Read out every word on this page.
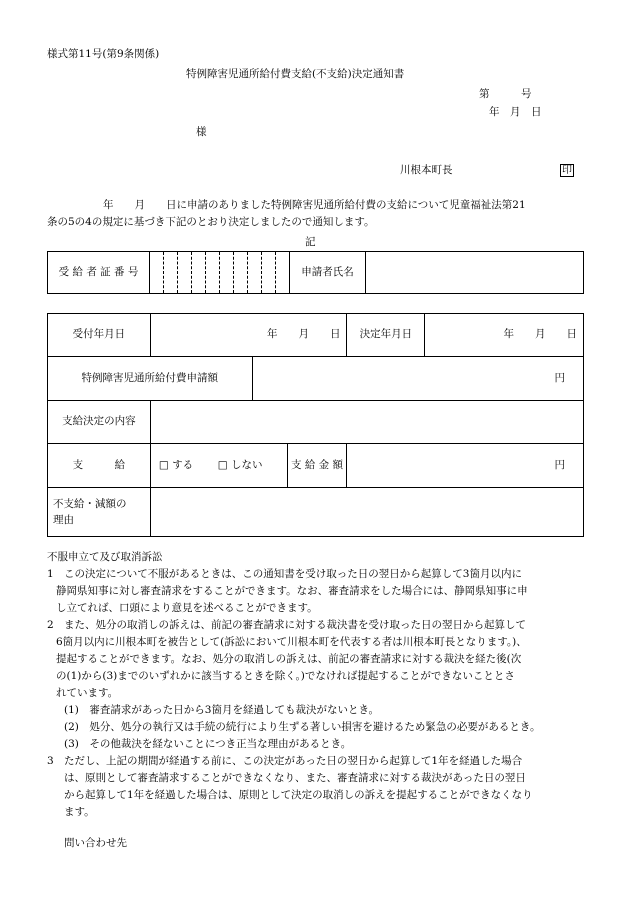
様式第11号(第9条関係)
特例障害児通所給付費支給(不支給)決定通知書
第　　　号
年　月　日
様
川根本町長	印
年　　月　　日に申請のありました特例障害児通所給付費の支給について児童福祉法第21
条の5の4の規定に基づき下記のとおり決定しましたので通知します。
記
受 給 者 証 番 号											申請者氏名	
受付年月日	年　　月　　日			決定年月日	年　　月　　日
特例障害児通所給付費申請額		円			
支給決定の内容					
支　　　給	□ する □ しない		支 給 金 額	円	

不支給・減額の
理由					

不服申立て及び取消訴訟
1 この決定について不服があるときは、この通知書を受け取った日の翌日から起算して3箇月以内に
静岡県知事に対し審査請求をすることができます。なお、審査請求をした場合には、静岡県知事に申
し立てれば、口頭により意見を述べることができます。
2 また、処分の取消しの訴えは、前記の審査請求に対する裁決書を受け取った日の翌日から起算して
6箇月以内に川根本町を被告として(訴訟において川根本町を代表する者は川根本町長となります。)、
提起することができます。なお、処分の取消しの訴えは、前記の審査請求に対する裁決を経た後(次
の(1)から(3)までのいずれかに該当するときを除く。)でなければ提起することができないこととさ
れています。
(1)　審査請求があった日から3箇月を経過しても裁決がないとき。
(2)　処分、処分の執行又は手続の続行により生ずる著しい損害を避けるため緊急の必要があるとき。
(3)　その他裁決を経ないことにつき正当な理由があるとき。
3 ただし、上記の期間が経過する前に、この決定があった日の翌日から起算して1年を経過した場合
は、原則として審査請求することができなくなり、また、審査請求に対する裁決があった日の翌日
から起算して1年を経過した場合は、原則として決定の取消しの訴えを提起することができなくなり
ます。
問い合わせ先
